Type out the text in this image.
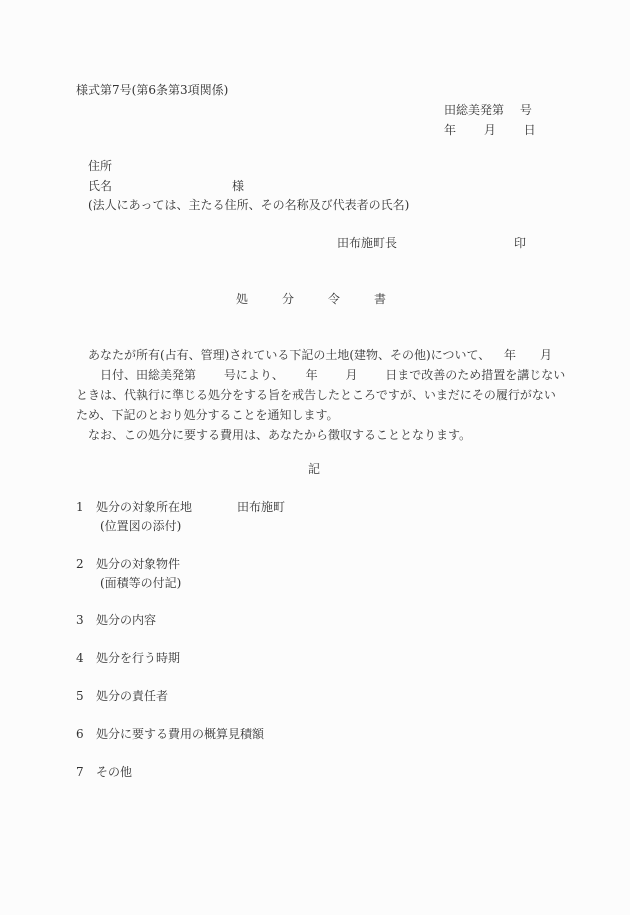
様式第7号(第6条第3項関係)
田総美発第　 号
年　　 月　　 日
住所
氏名	様
(法人にあっては、主たる住所、その名称及び代表者の氏名)
田布施町長	印
処	分	令	書
あなたが所有(占有、管理)されている下記の土地(建物、その他)について、 年 月
日付、田総美発第　　 号により、　　 年　　 月　　 日まで改善のため措置を講じない
ときは、代執行に準じる処分をする旨を戒告したところですが、いまだにその履行がない
ため、下記のとおり処分することを通知します。
なお、この処分に要する費用は、あなたから徴収することとなります。
記
1 処分の対象所在地	田布施町
(位置図の添付)
2 処分の対象物件
(面積等の付記)
3 処分の内容
4 処分を行う時期
5 処分の責任者
6 処分に要する費用の概算見積額
7 その他
